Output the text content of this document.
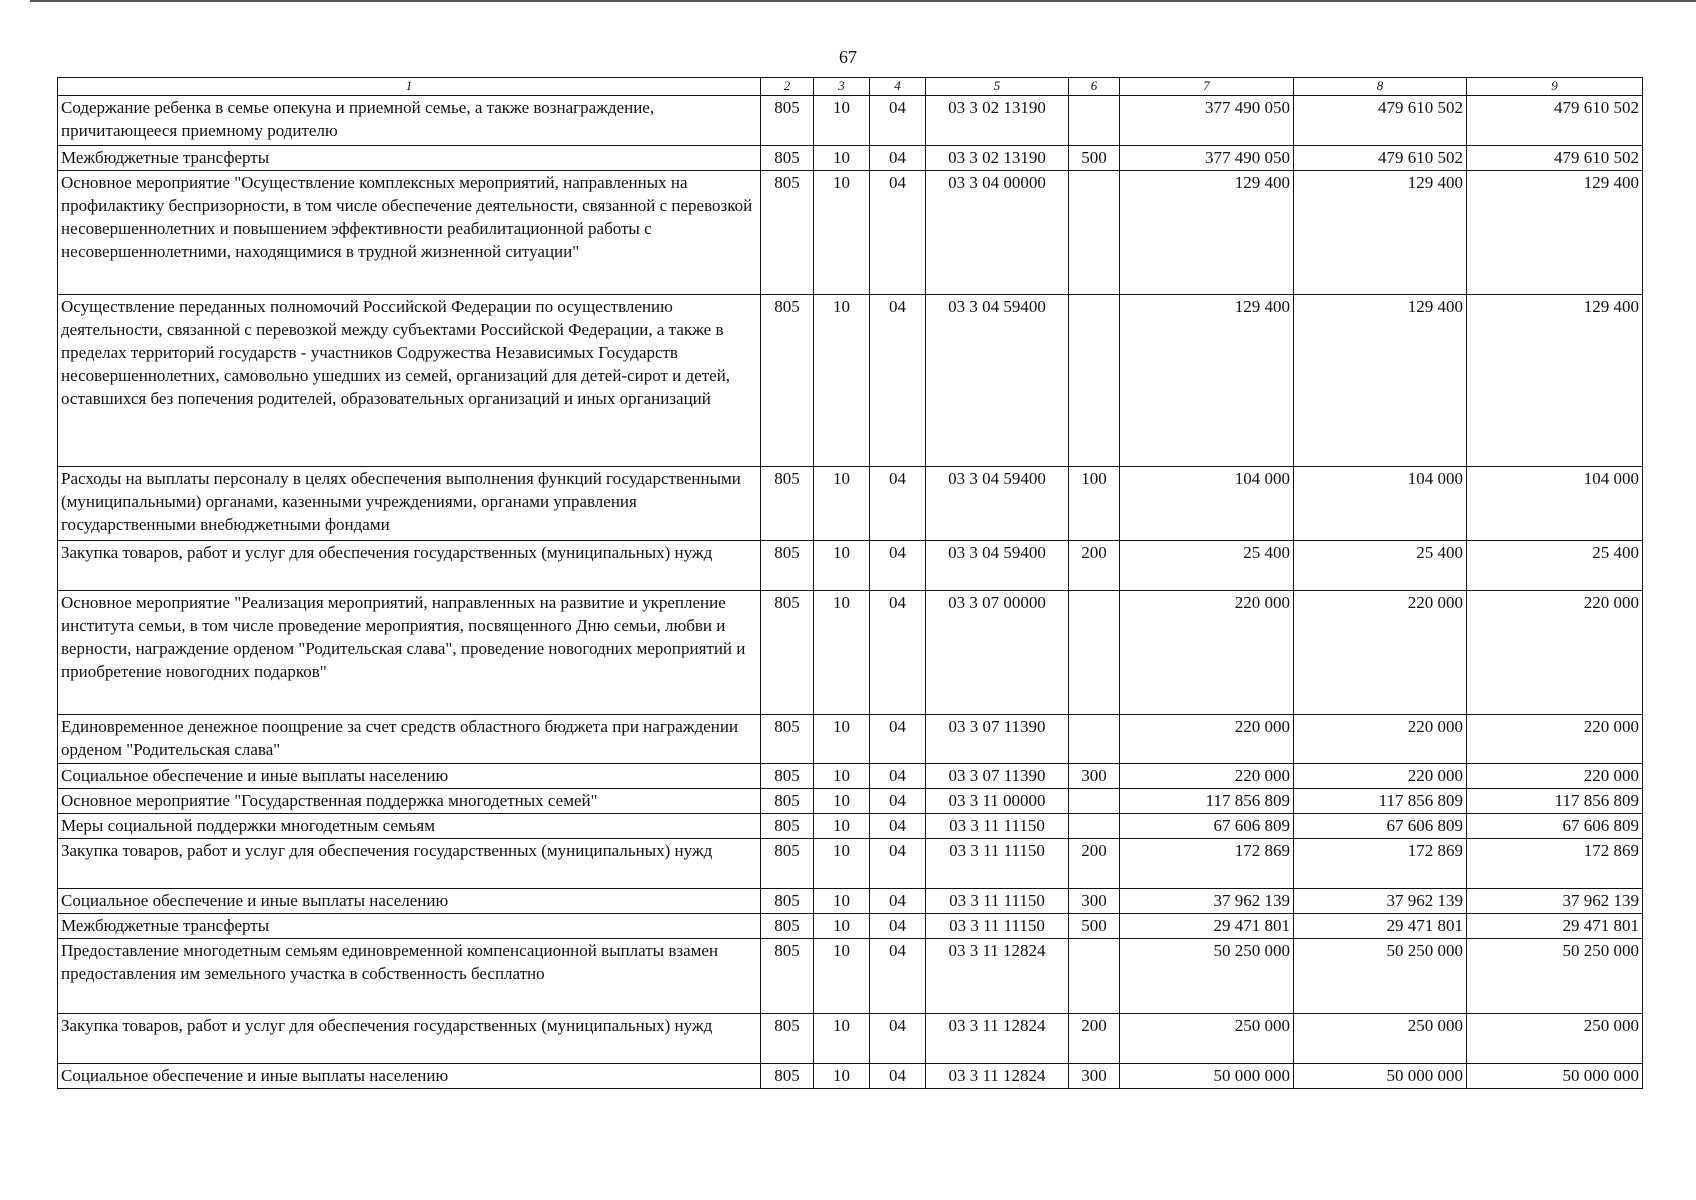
67
1	2	3	4	5	6	7	8	9
Содержание ребенка в семье опекуна и приемной семье, а также вознаграждение, причитающееся приемному родителю	805	10	04	03 3 02 13190		377 490 050	479 610 502	479 610 502
Межбюджетные трансферты	805	10	04	03 3 02 13190	500	377 490 050	479 610 502	479 610 502
Основное мероприятие "Осуществление комплексных мероприятий, направленных на профилактику беспризорности, в том числе обеспечение деятельности, связанной с перевозкой несовершеннолетних и повышением эффективности реабилитационной работы с несовершеннолетними, находящимися в трудной жизненной ситуации"	805	10	04	03 3 04 00000		129 400	129 400	129 400
Осуществление переданных полномочий Российской Федерации по осуществлению деятельности, связанной с перевозкой между субъектами Российской Федерации, а также в пределах территорий государств - участников Содружества Независимых Государств несовершеннолетних, самовольно ушедших из семей, организаций для детей-сирот и детей, оставшихся без попечения родителей, образовательных организаций и иных организаций	805	10	04	03 3 04 59400		129 400	129 400	129 400
Расходы на выплаты персоналу в целях обеспечения выполнения функций государственными (муниципальными) органами, казенными учреждениями, органами управления государственными внебюджетными фондами	805	10	04	03 3 04 59400	100	104 000	104 000	104 000
Закупка товаров, работ и услуг для обеспечения государственных (муниципальных) нужд	805	10	04	03 3 04 59400	200	25 400	25 400	25 400
Основное мероприятие "Реализация мероприятий, направленных на развитие и укрепление института семьи, в том числе проведение мероприятия, посвященного Дню семьи, любви и верности, награждение орденом "Родительская слава", проведение новогодних мероприятий и приобретение новогодних подарков"	805	10	04	03 3 07 00000		220 000	220 000	220 000
Единовременное денежное поощрение за счет средств областного бюджета при награждении орденом "Родительская слава"	805	10	04	03 3 07 11390		220 000	220 000	220 000
Социальное обеспечение и иные выплаты населению	805	10	04	03 3 07 11390	300	220 000	220 000	220 000
Основное мероприятие "Государственная поддержка многодетных семей"	805	10	04	03 3 11 00000		117 856 809	117 856 809	117 856 809
Меры социальной поддержки многодетным семьям	805	10	04	03 3 11 11150		67 606 809	67 606 809	67 606 809
Закупка товаров, работ и услуг для обеспечения государственных (муниципальных) нужд	805	10	04	03 3 11 11150	200	172 869	172 869	172 869
Социальное обеспечение и иные выплаты населению	805	10	04	03 3 11 11150	300	37 962 139	37 962 139	37 962 139
Межбюджетные трансферты	805	10	04	03 3 11 11150	500	29 471 801	29 471 801	29 471 801
Предоставление многодетным семьям единовременной компенсационной выплаты взамен предоставления им земельного участка в собственность бесплатно	805	10	04	03 3 11 12824		50 250 000	50 250 000	50 250 000
Закупка товаров, работ и услуг для обеспечения государственных (муниципальных) нужд	805	10	04	03 3 11 12824	200	250 000	250 000	250 000
Социальное обеспечение и иные выплаты населению	805	10	04	03 3 11 12824	300	50 000 000	50 000 000	50 000 000
